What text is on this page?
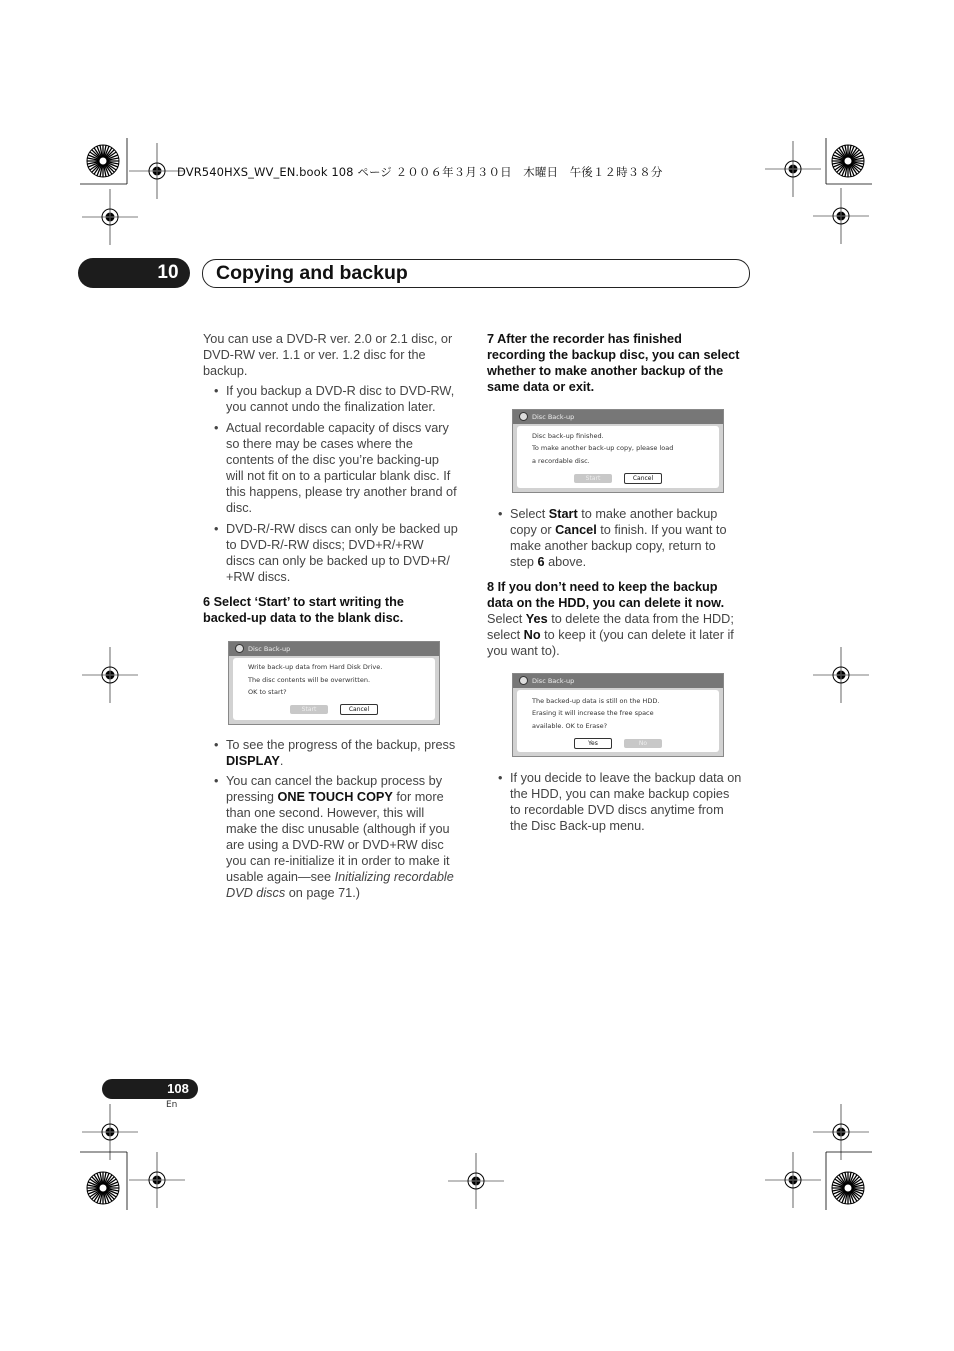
DVR540HXS_WV_EN.book 108 ページ ２００６年３月３０日　木曜日　午後１２時３８分
10	Copying and backup
You can use a DVD-R ver. 2.0 or 2.1 disc, or
DVD-RW ver. 1.1 or ver. 1.2 disc for the
backup.
• If you backup a DVD-R disc to DVD-RW,
you cannot undo the finalization later.
• Actual recordable capacity of discs vary
so there may be cases where the
contents of the disc you’re backing-up
will not fit on to a particular blank disc. If
this happens, please try another brand of
disc.
• DVD-R/-RW discs can only be backed up
to DVD-R/-RW discs; DVD+R/+RW
discs can only be backed up to DVD+R/
+RW discs.
6 Select ‘Start’ to start writing the
backed-up data to the blank disc.
Disc Back-up
Write back-up data from Hard Disk Drive.
The disc contents will be overwritten.
OK to start?
Start	Cancel
• To see the progress of the backup, press
DISPLAY.
• You can cancel the backup process by
pressing ONE TOUCH COPY for more
than one second. However, this will
make the disc unusable (although if you
are using a DVD-RW or DVD+RW disc
you can re-initialize it in order to make it
usable again—see Initializing recordable
DVD discs on page 71.)
7 After the recorder has finished
recording the backup disc, you can select
whether to make another backup of the
same data or exit.
Disc Back-up
Disc back-up finished.
To make another back-up copy, please load
a recordable disc.
Start	Cancel
• Select Start to make another backup
copy or Cancel to finish. If you want to
make another backup copy, return to
step 6 above.
8 If you don’t need to keep the backup
data on the HDD, you can delete it now.
Select Yes to delete the data from the HDD;
select No to keep it (you can delete it later if
you want to).
Disc Back-up
The backed-up data is still on the HDD.
Erasing it will increase the free space
available. OK to Erase?
Yes	No
• If you decide to leave the backup data on
the HDD, you can make backup copies
to recordable DVD discs anytime from
the Disc Back-up menu.
108
En
